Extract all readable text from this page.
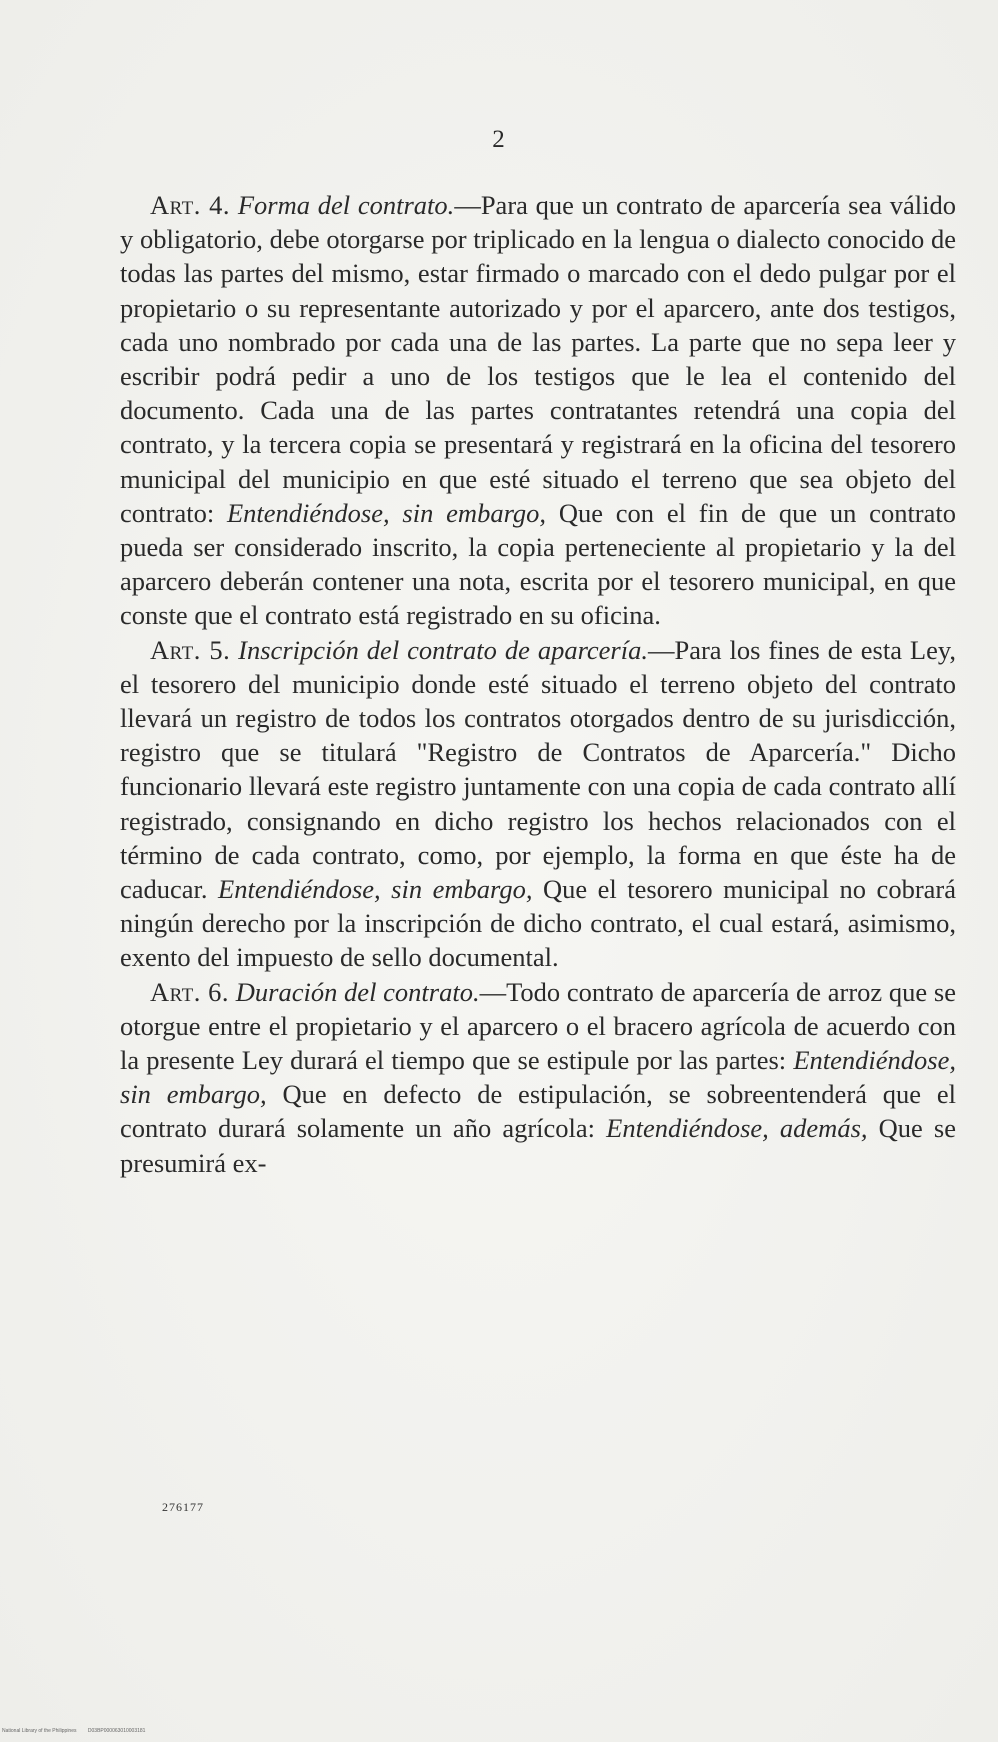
2

Art. 4. Forma del contrato.—Para que un contrato de aparcería sea válido y obligatorio, debe otorgarse por triplicado en la lengua o dialecto conocido de todas las partes del mismo, estar firmado o marcado con el dedo pulgar por el propietario o su representante autorizado y por el aparcero, ante dos testigos, cada uno nombrado por cada una de las partes. La parte que no sepa leer y escribir podrá pedir a uno de los testigos que le lea el contenido del documento. Cada una de las partes contratantes retendrá una copia del contrato, y la tercera copia se presentará y registrará en la oficina del tesorero municipal del municipio en que esté situado el terreno que sea objeto del contrato: Entendiéndose, sin embargo, Que con el fin de que un contrato pueda ser considerado inscrito, la copia perteneciente al propietario y la del aparcero deberán contener una nota, escrita por el tesorero municipal, en que conste que el contrato está registrado en su oficina.

Art. 5. Inscripción del contrato de aparcería.—Para los fines de esta Ley, el tesorero del municipio donde esté situado el terreno objeto del contrato llevará un registro de todos los contratos otorgados dentro de su jurisdicción, registro que se titulará "Registro de Contratos de Aparcería." Dicho funcionario llevará este registro juntamente con una copia de cada contrato allí registrado, consignando en dicho registro los hechos relacionados con el término de cada contrato, como, por ejemplo, la forma en que éste ha de caducar. Entendiéndose, sin embargo, Que el tesorero municipal no cobrará ningún derecho por la inscripción de dicho contrato, el cual estará, asimismo, exento del impuesto de sello documental.

Art. 6. Duración del contrato.—Todo contrato de aparcería de arroz que se otorgue entre el propietario y el aparcero o el bracero agrícola de acuerdo con la presente Ley durará el tiempo que se estipule por las partes: Entendiéndose, sin embargo, Que en defecto de estipulación, se sobreentenderá que el contrato durará solamente un año agrícola: Entendiéndose, además, Que se presumirá ex-

276177
National Library of the Philippines D03BP000063010003181
